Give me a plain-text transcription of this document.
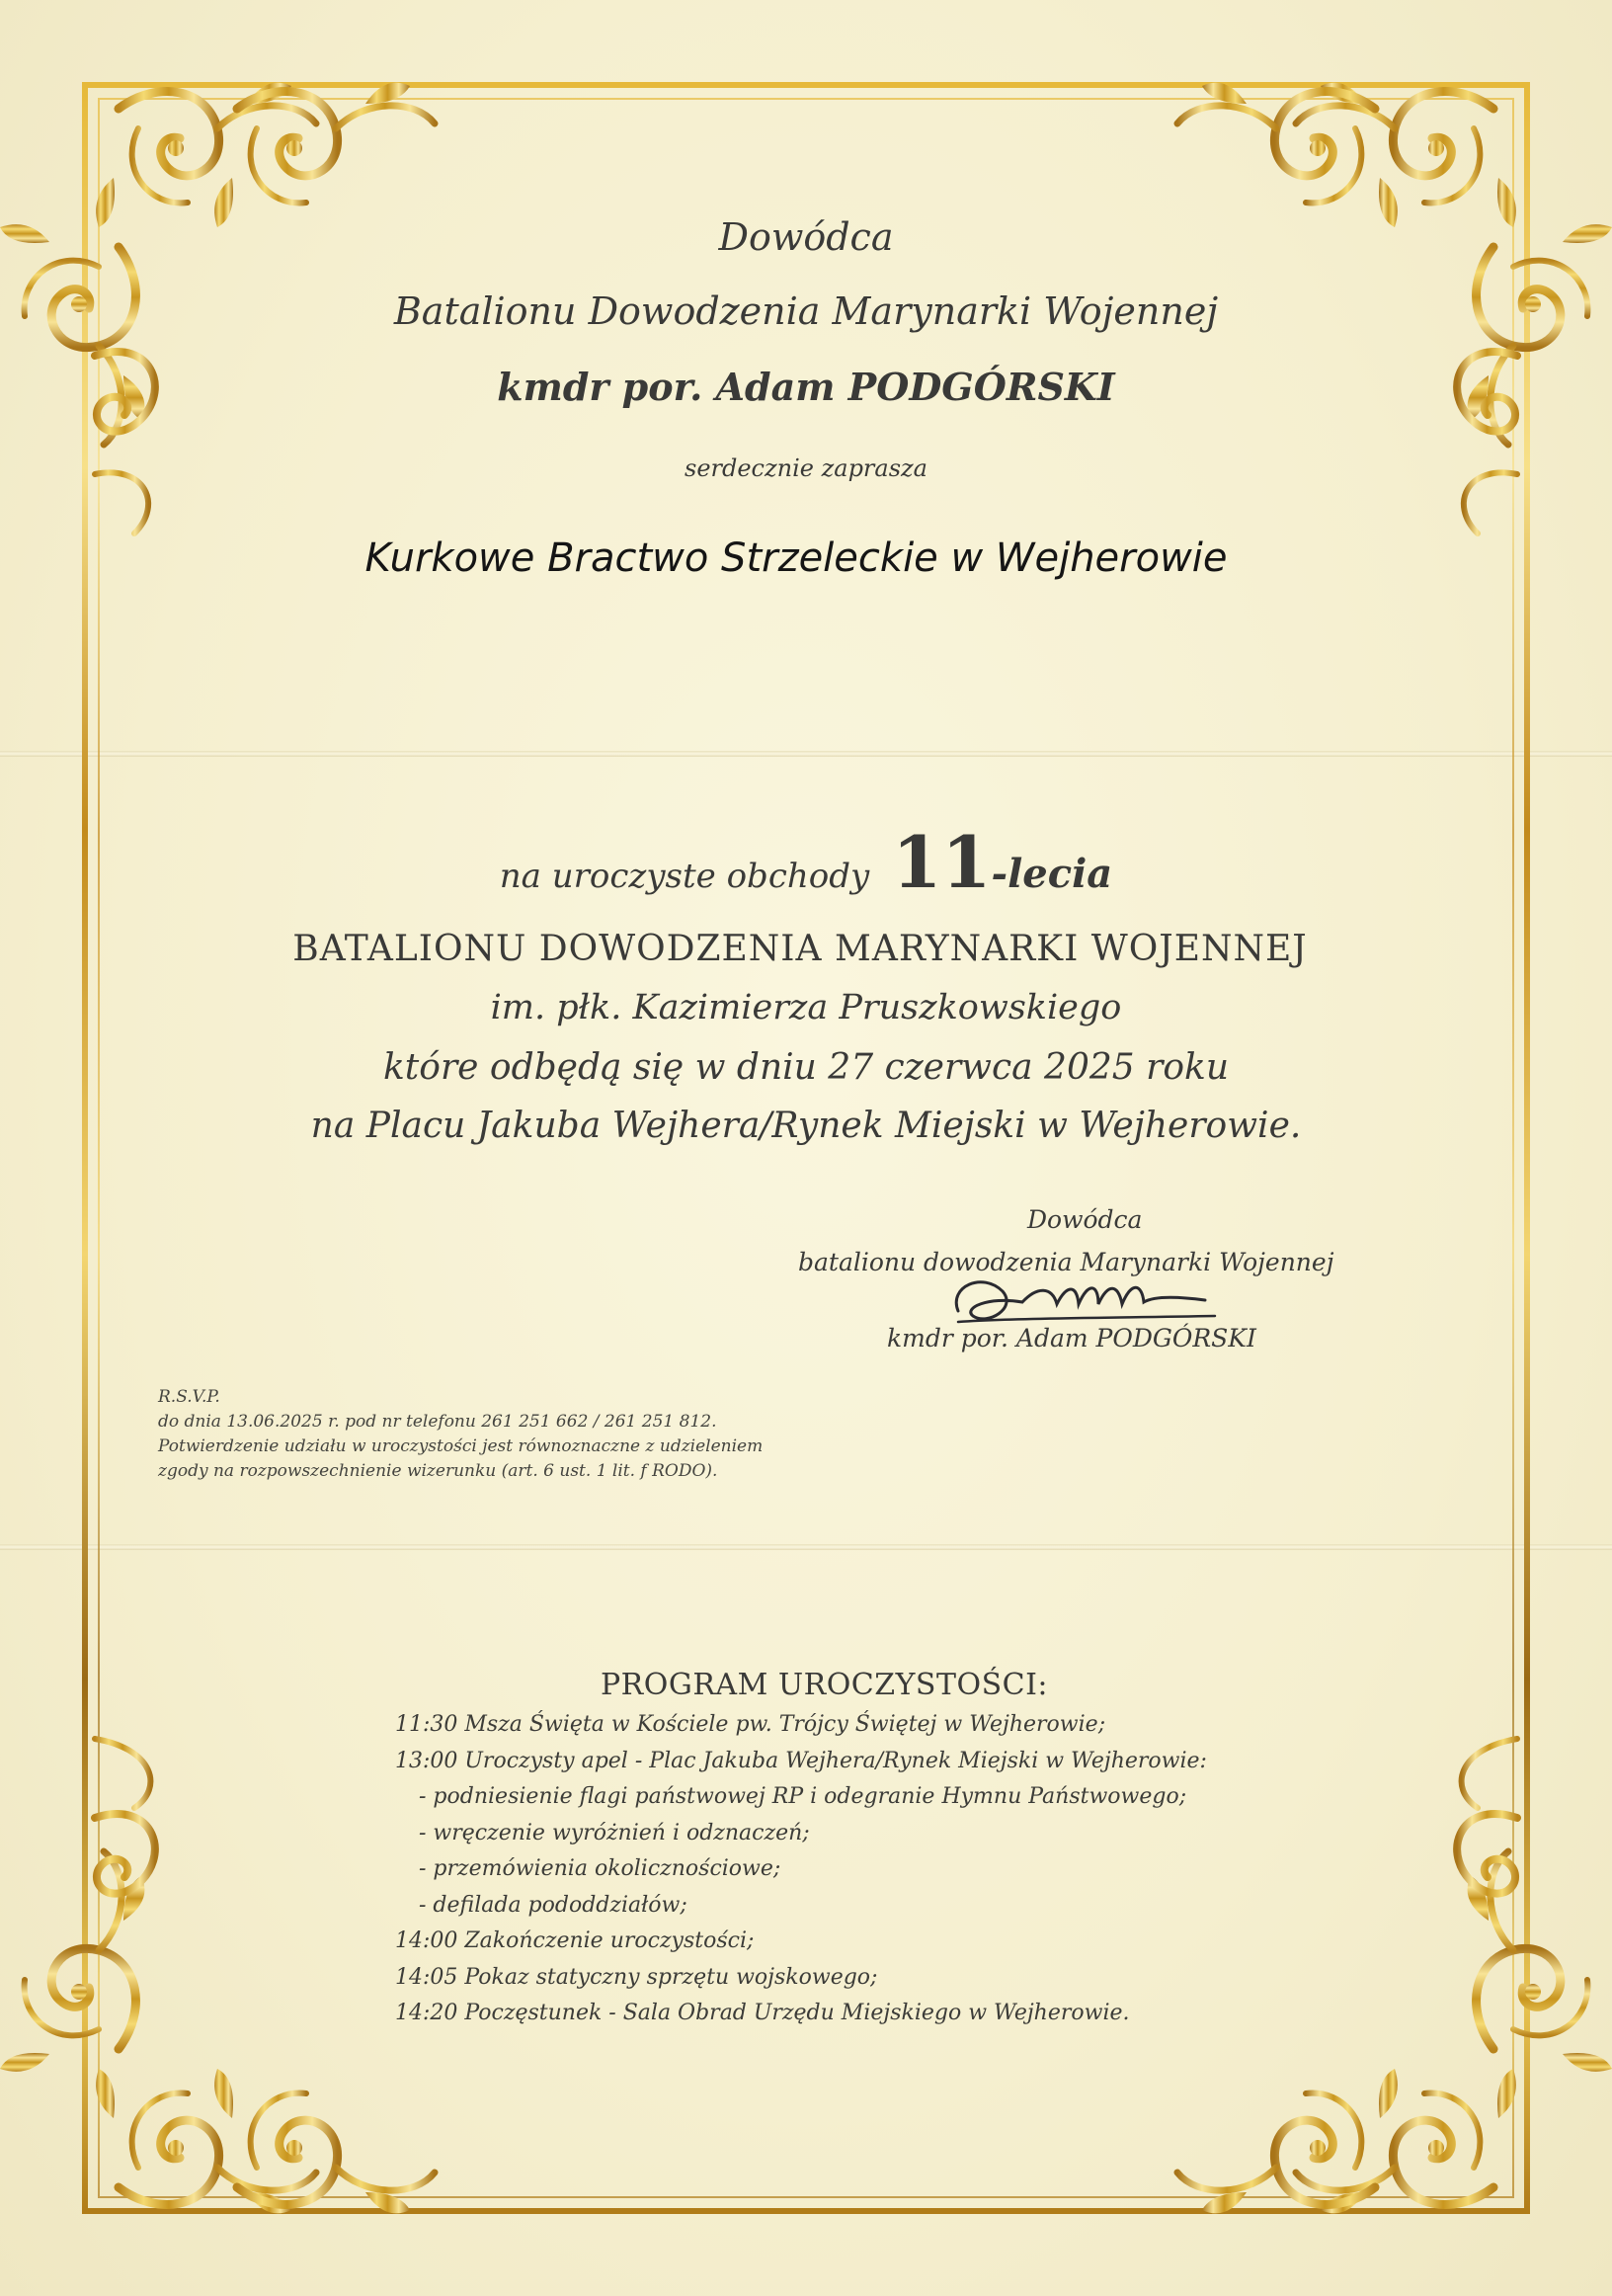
Dowódca
Batalionu Dowodzenia Marynarki Wojennej
kmdr por. Adam PODGÓRSKI
serdecznie zaprasza
Kurkowe Bractwo Strzeleckie w Wejherowie
na uroczyste obchody 11-lecia
BATALIONU DOWODZENIA MARYNARKI WOJENNEJ
im. płk. Kazimierza Pruszkowskiego
które odbędą się w dniu 27 czerwca 2025 roku
na Placu Jakuba Wejhera/Rynek Miejski w Wejherowie.
Dowódca
batalionu dowodzenia Marynarki Wojennej
kmdr por. Adam PODGÓRSKI
R.S.V.P.
do dnia 13.06.2025 r. pod nr telefonu 261 251 662 / 261 251 812.
Potwierdzenie udziału w uroczystości jest równoznaczne z udzieleniem
zgody na rozpowszechnienie wizerunku (art. 6 ust. 1 lit. f RODO).
PROGRAM UROCZYSTOŚCI:
11:30 Msza Święta w Kościele pw. Trójcy Świętej w Wejherowie;
13:00 Uroczysty apel - Plac Jakuba Wejhera/Rynek Miejski w Wejherowie:
- podniesienie flagi państwowej RP i odegranie Hymnu Państwowego;
- wręczenie wyróżnień i odznaczeń;
- przemówienia okolicznościowe;
- defilada pododdziałów;
14:00 Zakończenie uroczystości;
14:05 Pokaz statyczny sprzętu wojskowego;
14:20 Poczęstunek - Sala Obrad Urzędu Miejskiego w Wejherowie.
